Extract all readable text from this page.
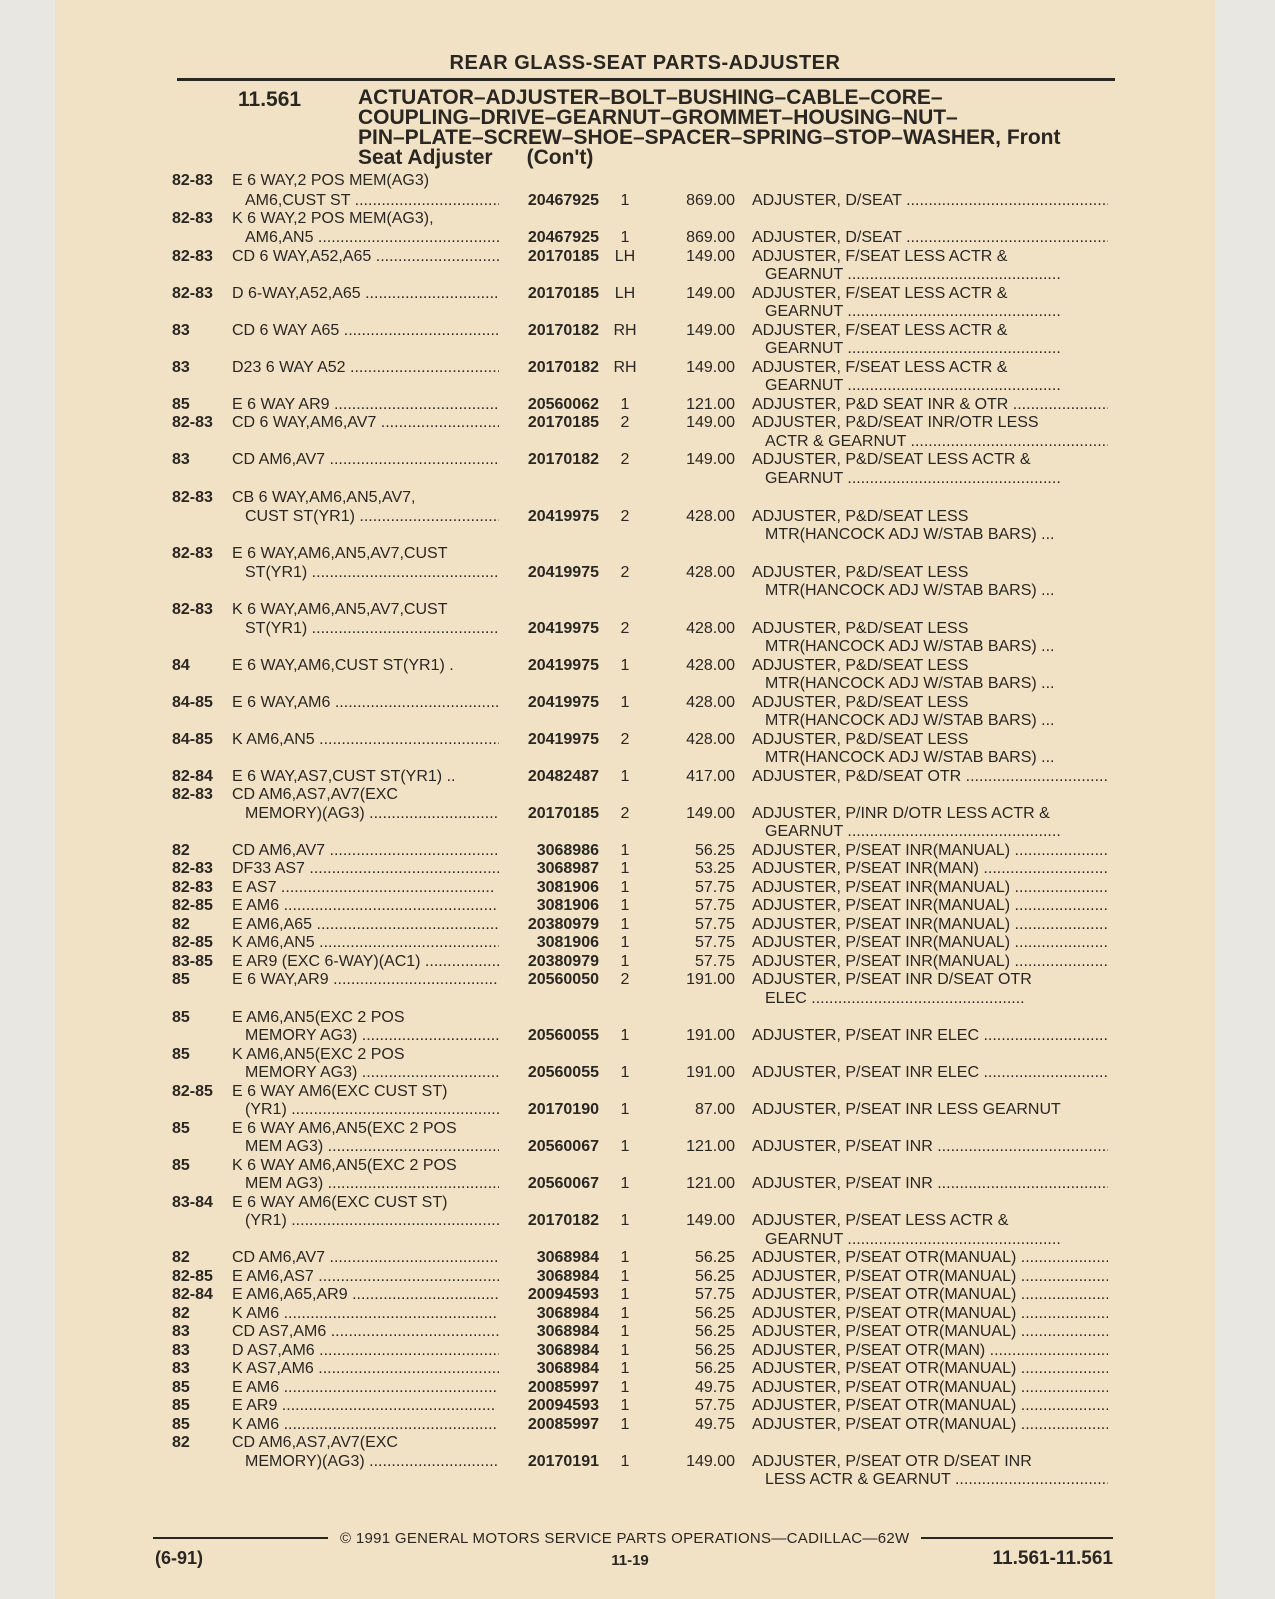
REAR GLASS-SEAT PARTS-ADJUSTER
11.561	ACTUATOR–ADJUSTER–BOLT–BUSHING–CABLE–CORE–
COUPLING–DRIVE–GEARNUT–GROMMET–HOUSING–NUT–
PIN–PLATE–SCREW–SHOE–SPACER–SPRING–STOP–WASHER, Front
Seat Adjuster (Con't)
82-83 E 6 WAY,2 POS MEM(AG3)
AM6,CUST ST .....	20467925	1	869.00 ADJUSTER, D/SEAT .....
82-83 K 6 WAY,2 POS MEM(AG3),
AM6,AN5 .....	20467925	1	869.00 ADJUSTER, D/SEAT .....
82-83 CD 6 WAY,A52,A65 .....	20170185 LH	149.00 ADJUSTER, F/SEAT LESS ACTR &
GEARNUT .....
82-83 D 6-WAY,A52,A65 .....	20170185 LH	149.00 ADJUSTER, F/SEAT LESS ACTR &
GEARNUT .....
83	CD 6 WAY A65 .....	20170182 RH	149.00 ADJUSTER, F/SEAT LESS ACTR &
GEARNUT .....
83	D23 6 WAY A52 .....	20170182 RH	149.00 ADJUSTER, F/SEAT LESS ACTR &
GEARNUT .....
85	E 6 WAY AR9 .....	20560062	1	121.00 ADJUSTER, P&D SEAT INR & OTR .....
82-83 CD 6 WAY,AM6,AV7 .....	20170185	2	149.00 ADJUSTER, P&D/SEAT INR/OTR LESS
ACTR & GEARNUT .....
83	CD AM6,AV7 .....	20170182	2	149.00 ADJUSTER, P&D/SEAT LESS ACTR &
GEARNUT .....
82-83 CB 6 WAY,AM6,AN5,AV7,
CUST ST(YR1) .....	20419975	2	428.00 ADJUSTER, P&D/SEAT LESS
MTR(HANCOCK ADJ W/STAB BARS) ...
82-83 E 6 WAY,AM6,AN5,AV7,CUST
ST(YR1) .....	20419975	2	428.00 ADJUSTER, P&D/SEAT LESS
MTR(HANCOCK ADJ W/STAB BARS) ...
82-83 K 6 WAY,AM6,AN5,AV7,CUST
ST(YR1) .....	20419975	2	428.00 ADJUSTER, P&D/SEAT LESS
MTR(HANCOCK ADJ W/STAB BARS) ...
84	E 6 WAY,AM6,CUST ST(YR1) .	20419975	1	428.00 ADJUSTER, P&D/SEAT LESS
MTR(HANCOCK ADJ W/STAB BARS) ...
84-85 E 6 WAY,AM6 .....	20419975	1	428.00 ADJUSTER, P&D/SEAT LESS
MTR(HANCOCK ADJ W/STAB BARS) ...
84-85 K AM6,AN5 .....	20419975	2	428.00 ADJUSTER, P&D/SEAT LESS
MTR(HANCOCK ADJ W/STAB BARS) ...
82-84 E 6 WAY,AS7,CUST ST(YR1) ..	20482487	1	417.00 ADJUSTER, P&D/SEAT OTR .....
82-83 CD AM6,AS7,AV7(EXC
MEMORY)(AG3) .....	20170185	2	149.00 ADJUSTER, P/INR D/OTR LESS ACTR &
GEARNUT .....
82	CD AM6,AV7 .....	3068986	1	56.25 ADJUSTER, P/SEAT INR(MANUAL) .....
82-83 DF33 AS7 .....	3068987	1	53.25 ADJUSTER, P/SEAT INR(MAN) .....
82-83 E AS7 .....	3081906	1	57.75 ADJUSTER, P/SEAT INR(MANUAL) .....
82-85 E AM6 .....	3081906	1	57.75 ADJUSTER, P/SEAT INR(MANUAL) .....
82	E AM6,A65 .....	20380979	1	57.75 ADJUSTER, P/SEAT INR(MANUAL) .....
82-85 K AM6,AN5 .....	3081906	1	57.75 ADJUSTER, P/SEAT INR(MANUAL) .....
83-85 E AR9 (EXC 6-WAY)(AC1) .....	20380979	1	57.75 ADJUSTER, P/SEAT INR(MANUAL) .....
85	E 6 WAY,AR9 .....	20560050	2	191.00 ADJUSTER, P/SEAT INR D/SEAT OTR
ELEC .....
85	E AM6,AN5(EXC 2 POS
MEMORY AG3) .....	20560055	1	191.00 ADJUSTER, P/SEAT INR ELEC .....
85	K AM6,AN5(EXC 2 POS
MEMORY AG3) .....	20560055	1	191.00 ADJUSTER, P/SEAT INR ELEC .....
82-85 E 6 WAY AM6(EXC CUST ST)
(YR1) .....	20170190	1	87.00 ADJUSTER, P/SEAT INR LESS GEARNUT
85	E 6 WAY AM6,AN5(EXC 2 POS
MEM AG3) .....	20560067	1	121.00 ADJUSTER, P/SEAT INR .....
85	K 6 WAY AM6,AN5(EXC 2 POS
MEM AG3) .....	20560067	1	121.00 ADJUSTER, P/SEAT INR .....
83-84 E 6 WAY AM6(EXC CUST ST)
(YR1) .....	20170182	1	149.00 ADJUSTER, P/SEAT LESS ACTR &
GEARNUT .....
82	CD AM6,AV7 .....	3068984	1	56.25 ADJUSTER, P/SEAT OTR(MANUAL) .....
82-85 E AM6,AS7 .....	3068984	1	56.25 ADJUSTER, P/SEAT OTR(MANUAL) .....
82-84 E AM6,A65,AR9 .....	20094593	1	57.75 ADJUSTER, P/SEAT OTR(MANUAL) .....
82	K AM6 .....	3068984	1	56.25 ADJUSTER, P/SEAT OTR(MANUAL) .....
83	CD AS7,AM6 .....	3068984	1	56.25 ADJUSTER, P/SEAT OTR(MANUAL) .....
83	D AS7,AM6 .....	3068984	1	56.25 ADJUSTER, P/SEAT OTR(MAN) .....
83	K AS7,AM6 .....	3068984	1	56.25 ADJUSTER, P/SEAT OTR(MANUAL) .....
85	E AM6 .....	20085997	1	49.75 ADJUSTER, P/SEAT OTR(MANUAL) .....
85	E AR9 .....	20094593	1	57.75 ADJUSTER, P/SEAT OTR(MANUAL) .....
85	K AM6 .....	20085997	1	49.75 ADJUSTER, P/SEAT OTR(MANUAL) .....
82	CD AM6,AS7,AV7(EXC
MEMORY)(AG3) .....	20170191	1	149.00 ADJUSTER, P/SEAT OTR D/SEAT INR
LESS ACTR & GEARNUT .....
© 1991 GENERAL MOTORS SERVICE PARTS OPERATIONS—CADILLAC—62W
(6-91)	11-19	11.561-11.561
